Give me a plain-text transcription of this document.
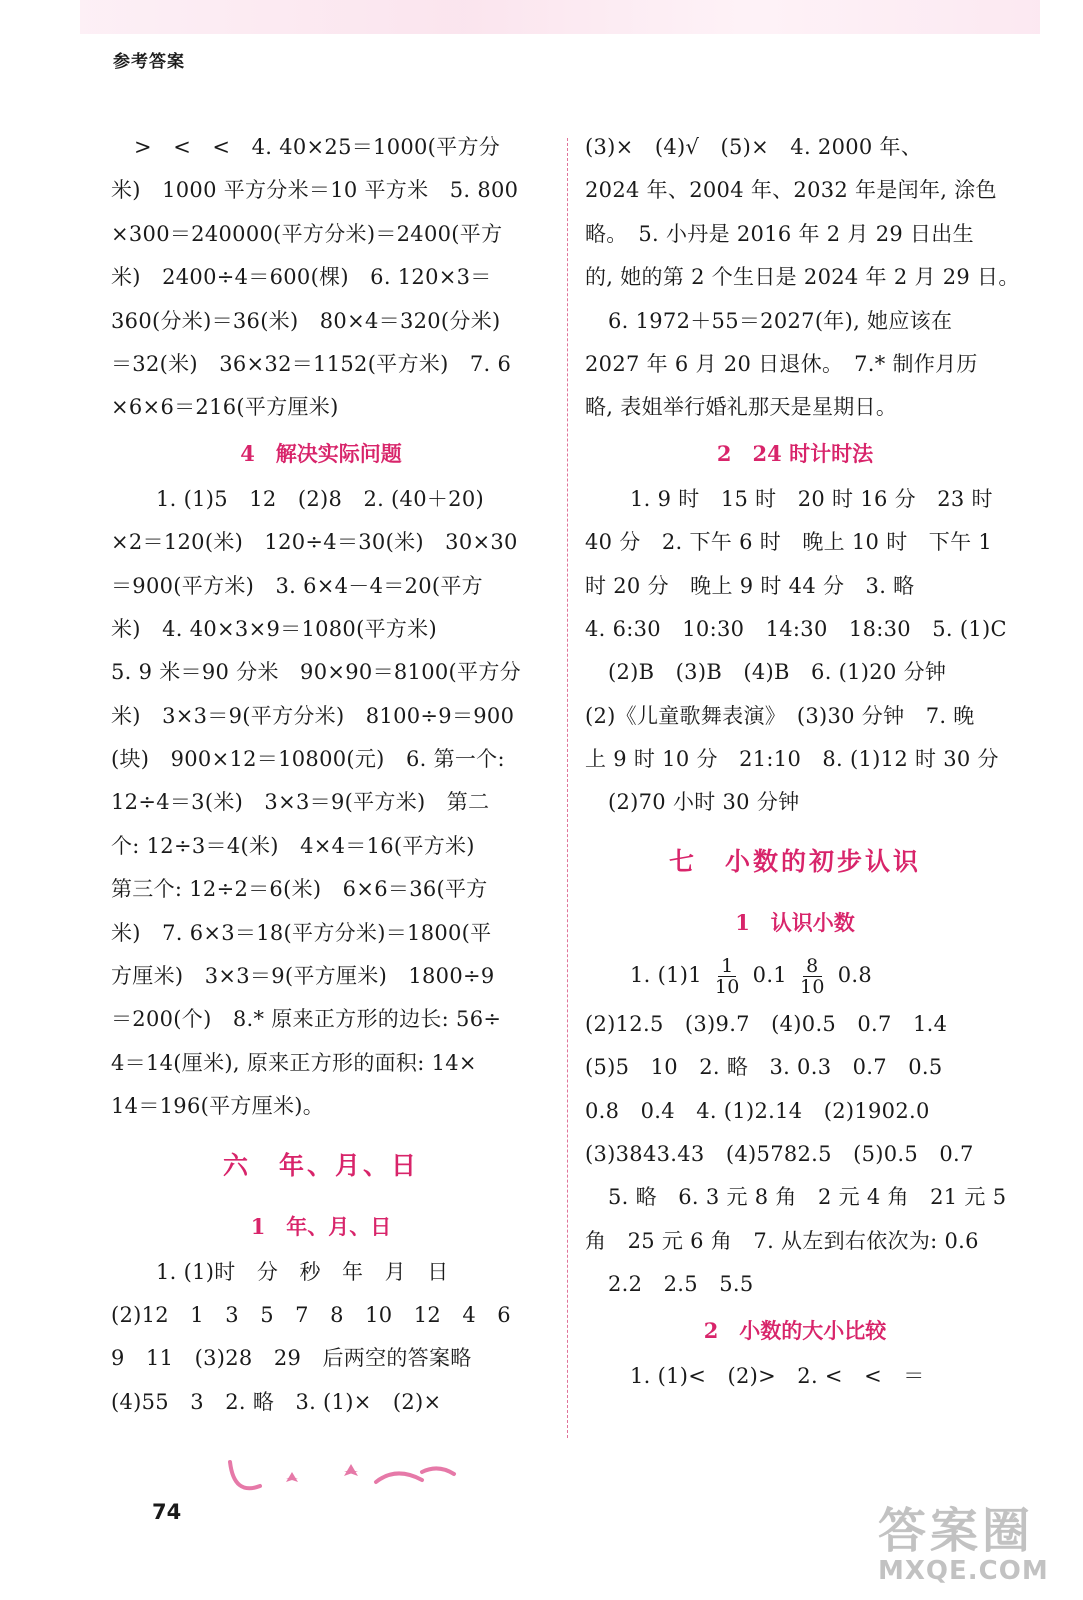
参考答案
>　<　<　4. 40×25＝1000(平方分
米)　1000 平方分米＝10 平方米　5. 800
×300＝240000(平方分米)＝2400(平方
米)　2400÷4＝600(棵)　6. 120×3＝
360(分米)＝36(米)　80×4＝320(分米)
＝32(米)　36×32＝1152(平方米)　7. 6
×6×6＝216(平方厘米)
4　解决实际问题
1. (1)5　12　(2)8　2. (40＋20)
×2＝120(米)　120÷4＝30(米)　30×30
＝900(平方米)　3. 6×4－4＝20(平方
米)　4. 40×3×9＝1080(平方米)
5. 9 米＝90 分米　90×90＝8100(平方分
米)　3×3＝9(平方分米)　8100÷9＝900
(块)　900×12＝10800(元)　6. 第一个:
12÷4＝3(米)　3×3＝9(平方米)　第二
个: 12÷3＝4(米)　4×4＝16(平方米)
第三个: 12÷2＝6(米)　6×6＝36(平方
米)　7. 6×3＝18(平方分米)＝1800(平
方厘米)　3×3＝9(平方厘米)　1800÷9
＝200(个)　8.* 原来正方形的边长: 56÷
4＝14(厘米), 原来正方形的面积: 14×
14＝196(平方厘米)。
六　年、月、日
1　年、月、日
1. (1)时　分　秒　年　月　日
(2)12　1　3　5　7　8　10　12　4　6
9　11　(3)28　29　后两空的答案略
(4)55　3　2. 略　3. (1)×　(2)×
(3)×　(4)√　(5)×　4. 2000 年、
2024 年、2004 年、2032 年是闰年, 涂色
略。　5. 小丹是 2016 年 2 月 29 日出生
的, 她的第 2 个生日是 2024 年 2 月 29 日。
6. 1972＋55＝2027(年), 她应该在
2027 年 6 月 20 日退休。　7.* 制作月历
略, 表姐举行婚礼那天是星期日。
2　24 时计时法
1. 9 时　15 时　20 时 16 分　23 时
40 分　2. 下午 6 时　晚上 10 时　下午 1
时 20 分　晚上 9 时 44 分　3. 略
4. 6:30　10:30　14:30　18:30　5. (1)C
(2)B　(3)B　(4)B　6. (1)20 分钟
(2)《儿童歌舞表演》　(3)30 分钟　7. 晚
上 9 时 10 分　21:10　8. (1)12 时 30 分
(2)70 小时 30 分钟
七　小数的初步认识
1　认识小数
1. $(1)1 \frac{1}{10} 0.1 \frac{8}{10} 0.8$
(2)12.5　(3)9.7　(4)0.5　0.7　1.4
(5)5　10　2. 略　3. 0.3　0.7　0.5
0.8　0.4　4. (1)2.14　(2)1902.0
(3)3843.43　(4)5782.5　(5)0.5　0.7
5. 略　6. 3 元 8 角　2 元 4 角　21 元 5
角　25 元 6 角　7. 从左到右依次为: 0.6
2.2　2.5　5.5
2　小数的大小比较
1. (1)<　(2)>　2. <　<　＝
74	答案圈
MXQE.COM
